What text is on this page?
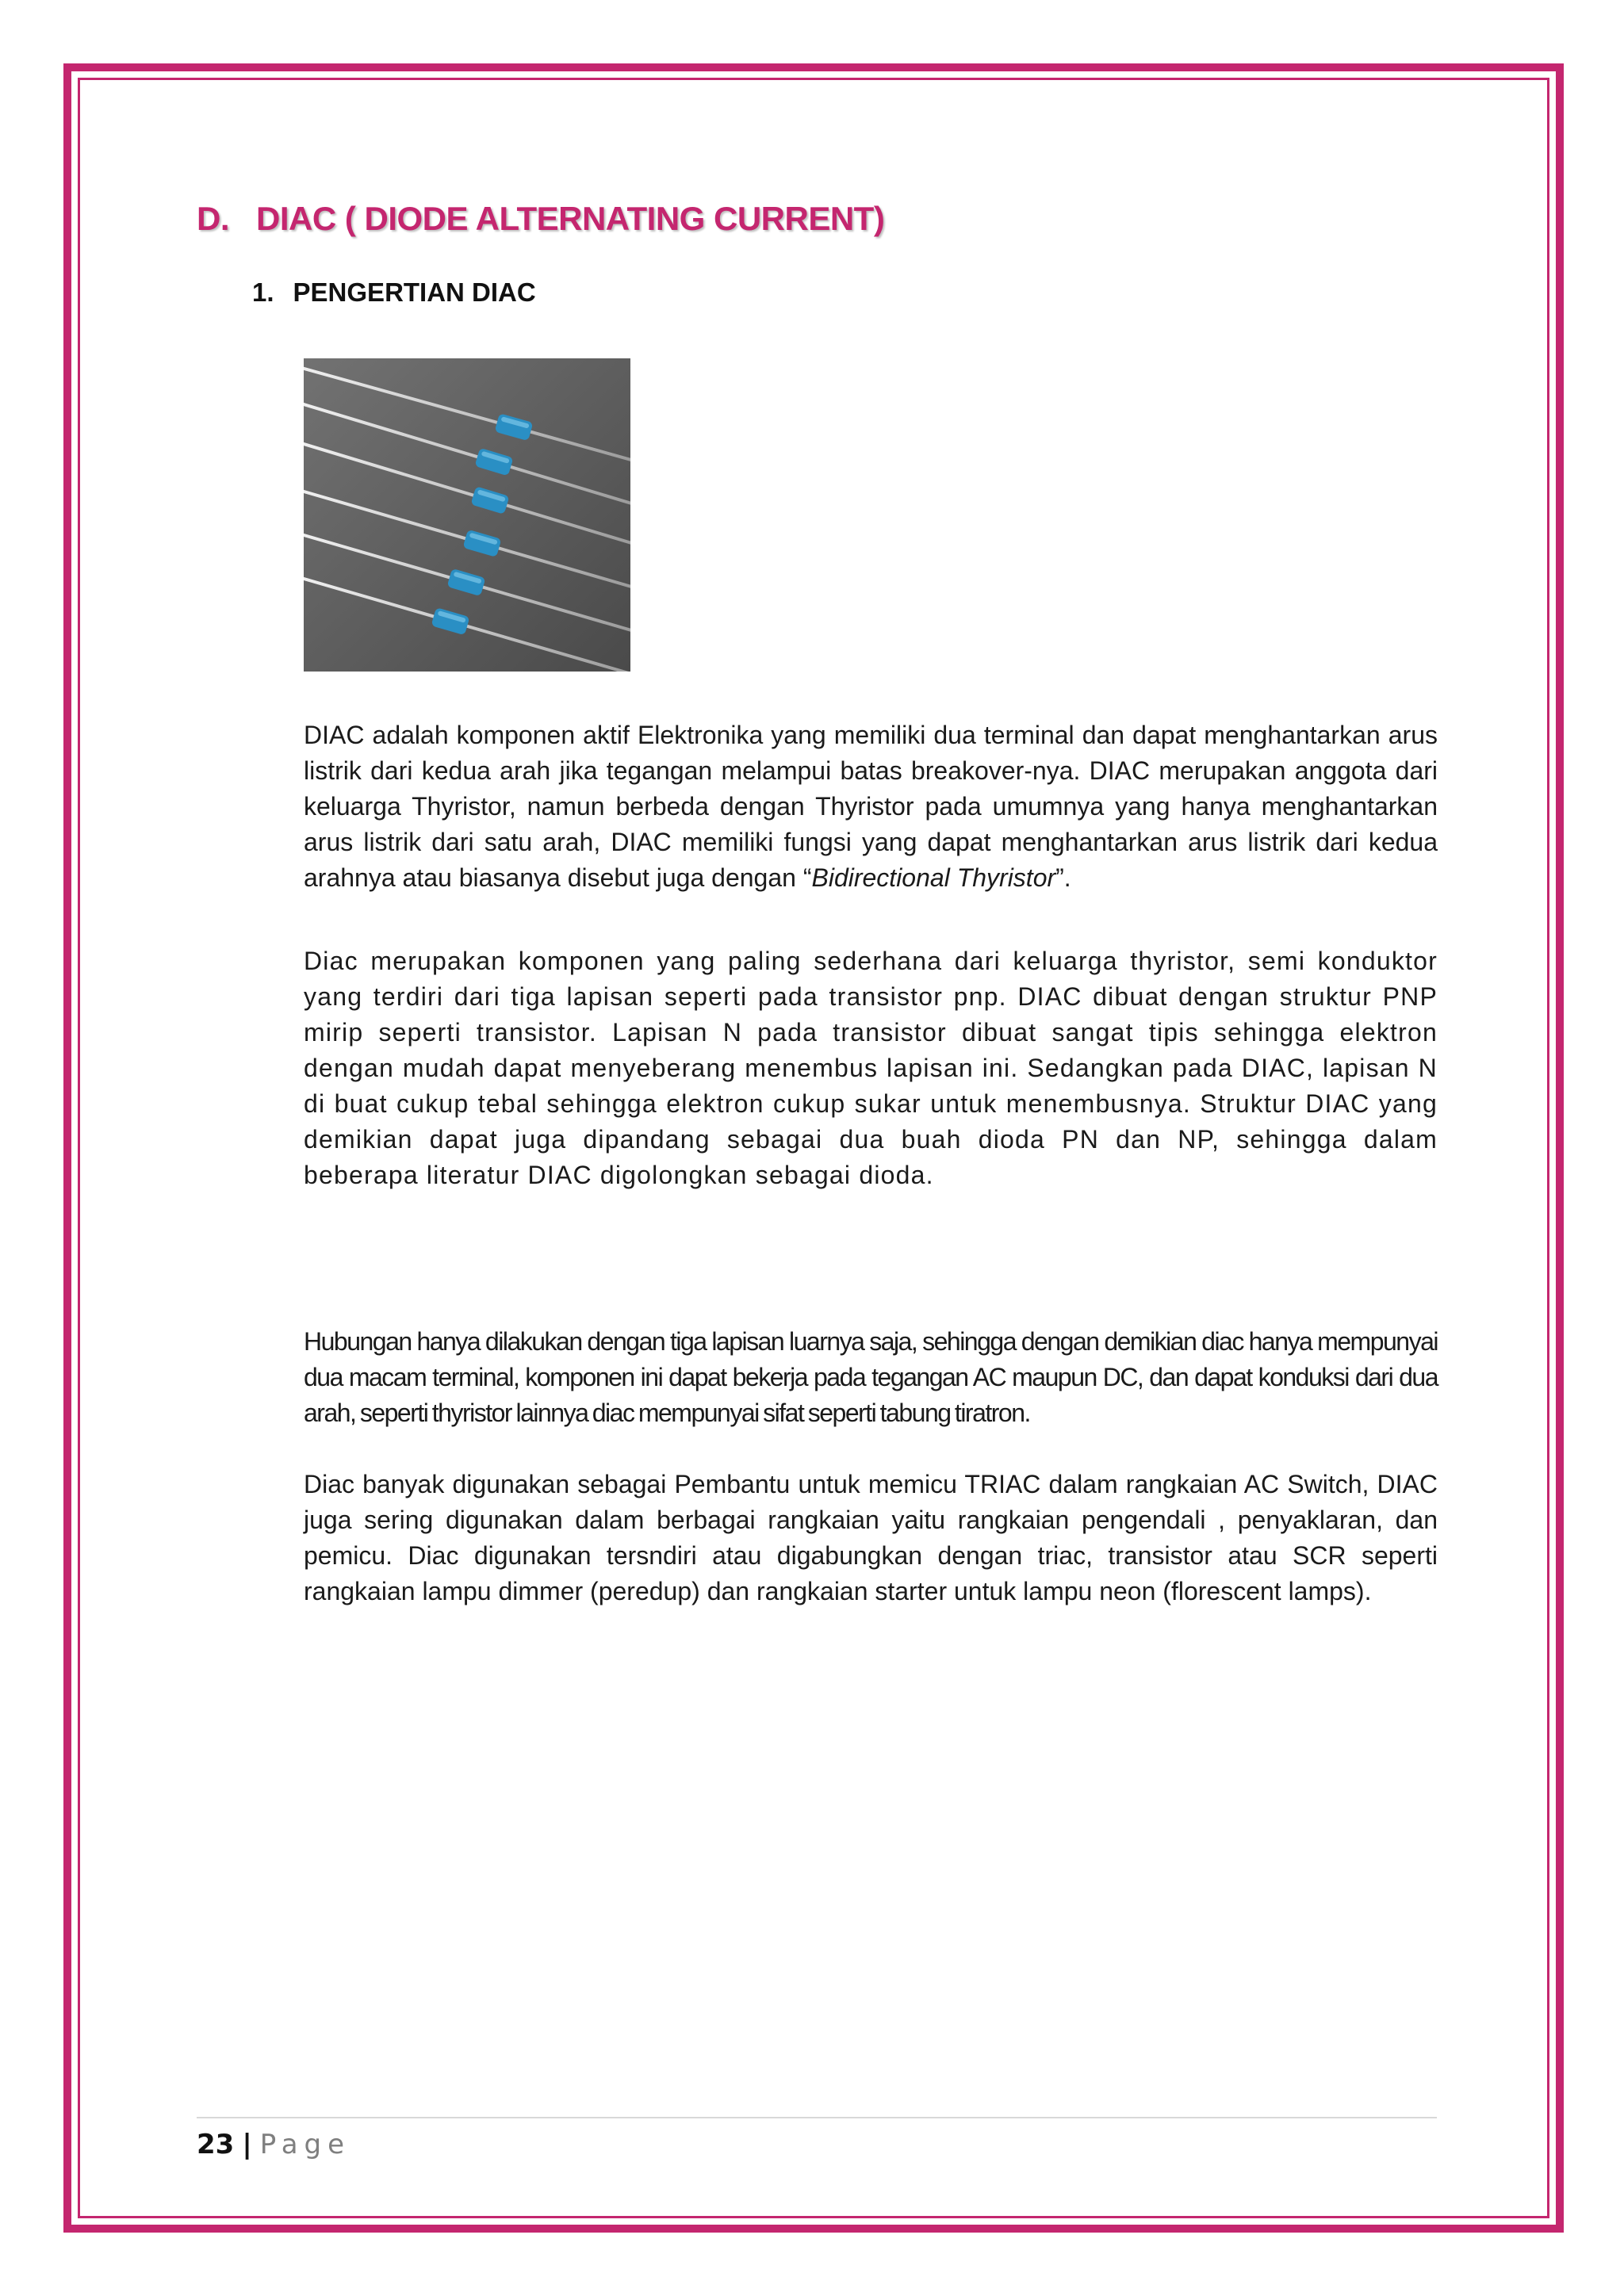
D. DIAC ( DIODE ALTERNATING CURRENT)
1. PENGERTIAN DIAC
DIAC adalah komponen aktif Elektronika yang memiliki dua terminal dan dapat menghantarkan arus listrik dari kedua arah jika tegangan melampui batas breakover-nya. DIAC merupakan anggota dari keluarga Thyristor, namun berbeda dengan Thyristor pada umumnya yang hanya menghantarkan arus listrik dari satu arah, DIAC memiliki fungsi yang dapat menghantarkan arus listrik dari kedua arahnya atau biasanya disebut juga dengan “Bidirectional Thyristor”.
Diac merupakan komponen yang paling sederhana dari keluarga thyristor, semi konduktor yang terdiri dari tiga lapisan seperti pada transistor pnp. DIAC dibuat dengan struktur PNP mirip seperti transistor. Lapisan N pada transistor dibuat sangat tipis sehingga elektron dengan mudah dapat menyeberang menembus lapisan ini. Sedangkan pada DIAC, lapisan N di buat cukup tebal sehingga elektron cukup sukar untuk menembusnya. Struktur DIAC yang demikian dapat juga dipandang sebagai dua buah dioda PN dan NP, sehingga dalam beberapa literatur DIAC digolongkan sebagai dioda.
Hubungan hanya dilakukan dengan tiga lapisan luarnya saja, sehingga dengan demikian diac hanya mempunyai dua macam terminal, komponen ini dapat bekerja pada tegangan AC maupun DC, dan dapat konduksi dari dua arah, seperti thyristor lainnya diac mempunyai sifat seperti tabung tiratron.
Diac banyak digunakan sebagai Pembantu untuk memicu TRIAC dalam rangkaian AC Switch, DIAC juga sering digunakan dalam berbagai rangkaian yaitu rangkaian pengendali , penyaklaran, dan pemicu. Diac digunakan tersndiri atau digabungkan dengan triac, transistor atau SCR seperti rangkaian lampu dimmer (peredup) dan rangkaian starter untuk lampu neon (florescent lamps).
23 | Page
